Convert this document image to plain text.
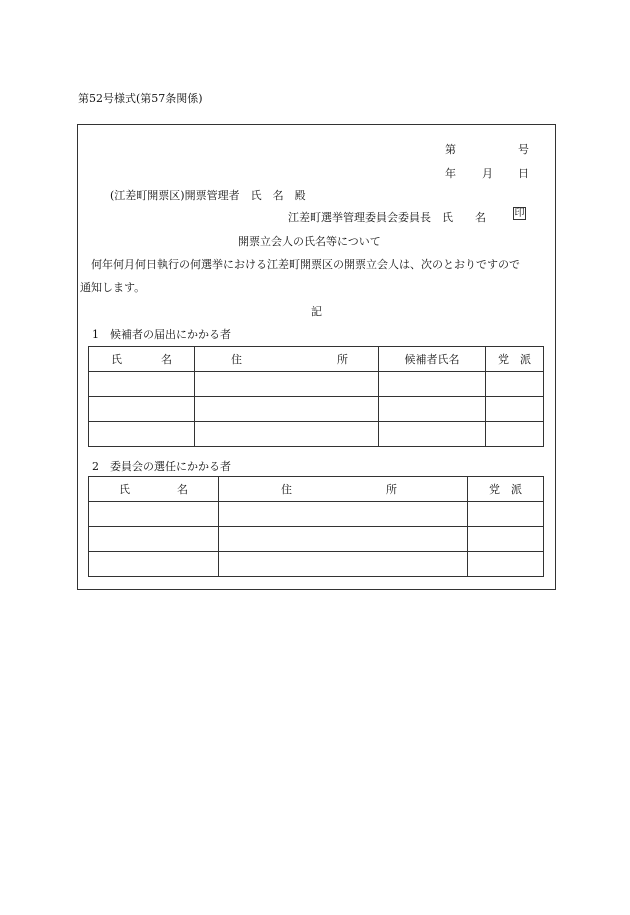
第52号様式(第57条関係)
第	号
年 月 日
(江差町開票区)開票管理者　氏　名　殿
江差町選挙管理委員会委員長　氏　　名	印
開票立会人の氏名等について
何年何月何日執行の何選挙における江差町開票区の開票立会人は、次のとおりですので
通知します。
記
1　候補者の届出にかかる者
氏 名	住 所	候補者氏名	党　派

2　委員会の選任にかかる者
氏 名	住 所	党　派
